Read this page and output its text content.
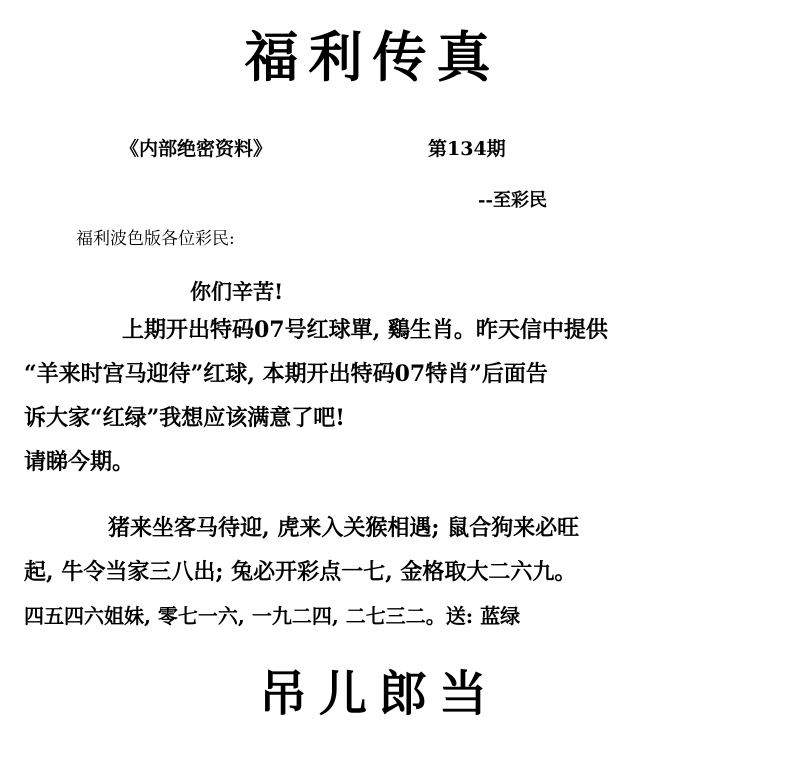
福利传真
《内部绝密资料》	第134期
--至彩民
福利波色版各位彩民:
你们辛苦!
上期开出特码07号红球單, 鷄生肖。昨天信中提供
“羊来时宫马迎待”红球, 本期开出特码07特肖”后面告
诉大家“红绿”我想应该满意了吧!
请睇今期。
猪来坐客马待迎, 虎来入关猴相遇; 鼠合狗来必旺
起, 牛令当家三八出; 兔必开彩点一七, 金格取大二六九。
四五四六姐妹, 零七一六, 一九二四, 二七三二。送: 蓝绿
吊儿郎当
